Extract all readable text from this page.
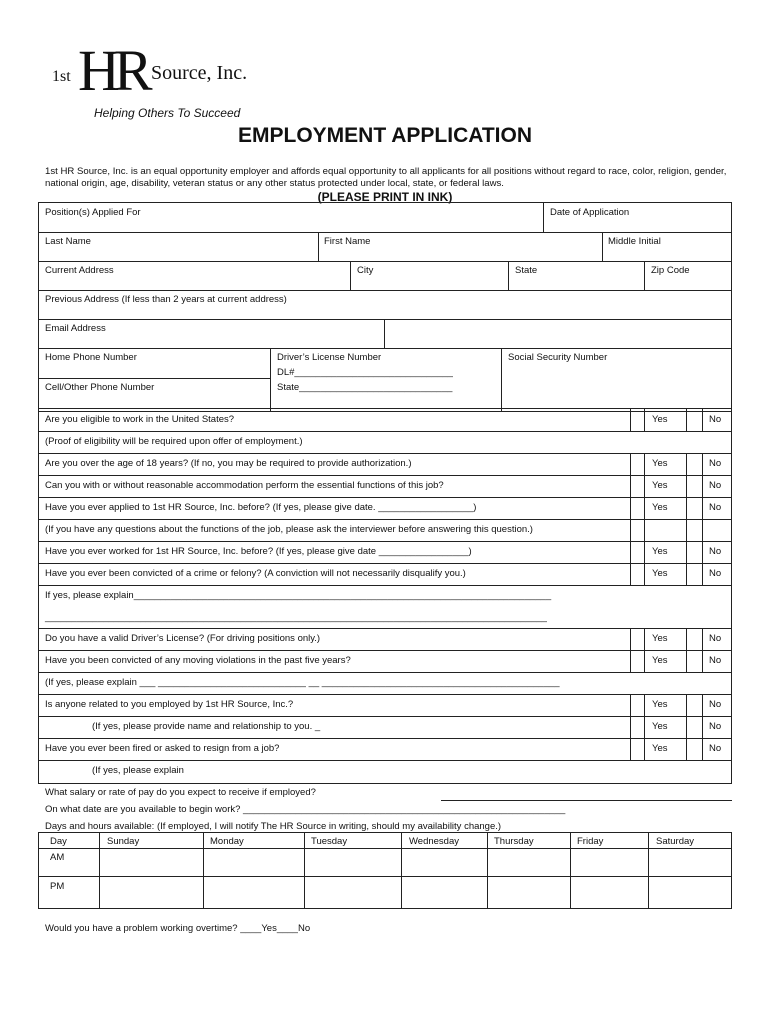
1st HR Source, Inc.
Helping Others To Succeed
EMPLOYMENT APPLICATION
1st HR Source, Inc. is an equal opportunity employer and affords equal opportunity to all applicants for all positions without regard to race, color, religion, gender, national origin, age, disability, veteran status or any other status protected under local, state, or federal laws.
(PLEASE PRINT IN INK)
Position(s) Applied For	Date of Application
Last Name	First Name	Middle Initial
Current Address	City	State	Zip Code
Previous Address (If less than 2 years at current address)
Email Address
Home Phone Number	Driver’s License Number
DL#______________________________
Social Security Number
Cell/Other Phone Number	State_____________________________
Are you eligible to work in the United States?	Yes	No
(Proof of eligibility will be required upon offer of employment.)
Are you over the age of 18 years? (If no, you may be required to provide authorization.)	Yes	No
Can you with or without reasonable accommodation perform the essential functions of this job?	Yes	No
Have you ever applied to 1st HR Source, Inc. before? (If yes, please give date. __________________)	Yes	No
(If you have any questions about the functions of the job, please ask the interviewer before answering this question.)
Have you ever worked for 1st HR Source, Inc. before? (If yes, please give date _________________)	Yes	No
Have you ever been convicted of a crime or felony? (A conviction will not necessarily disqualify you.)	Yes	No
If yes, please explain_______________________________________________________________________________
_______________________________________________________________________________________________
Do you have a valid Driver’s License? (For driving positions only.)	Yes	No
Have you been convicted of any moving violations in the past five years?	Yes	No
(If yes, please explain ___ ____________________________ __ _____________________________________________
Is anyone related to you employed by 1st HR Source, Inc.?	Yes	No
(If yes, please provide name and relationship to you. _	Yes	No
Have you ever been fired or asked to resign from a job?	Yes	No
(If yes, please explain
What salary or rate of pay do you expect to receive if employed?
On what date are you available to begin work? _____________________________________________________________
Days and hours available: (If employed, I will notify The HR Source in writing, should my availability change.)
Day	Sunday	Monday	Tuesday	Wednesday	Thursday	Friday	Saturday
AM
PM
Would you have a problem working overtime? ____Yes____No
